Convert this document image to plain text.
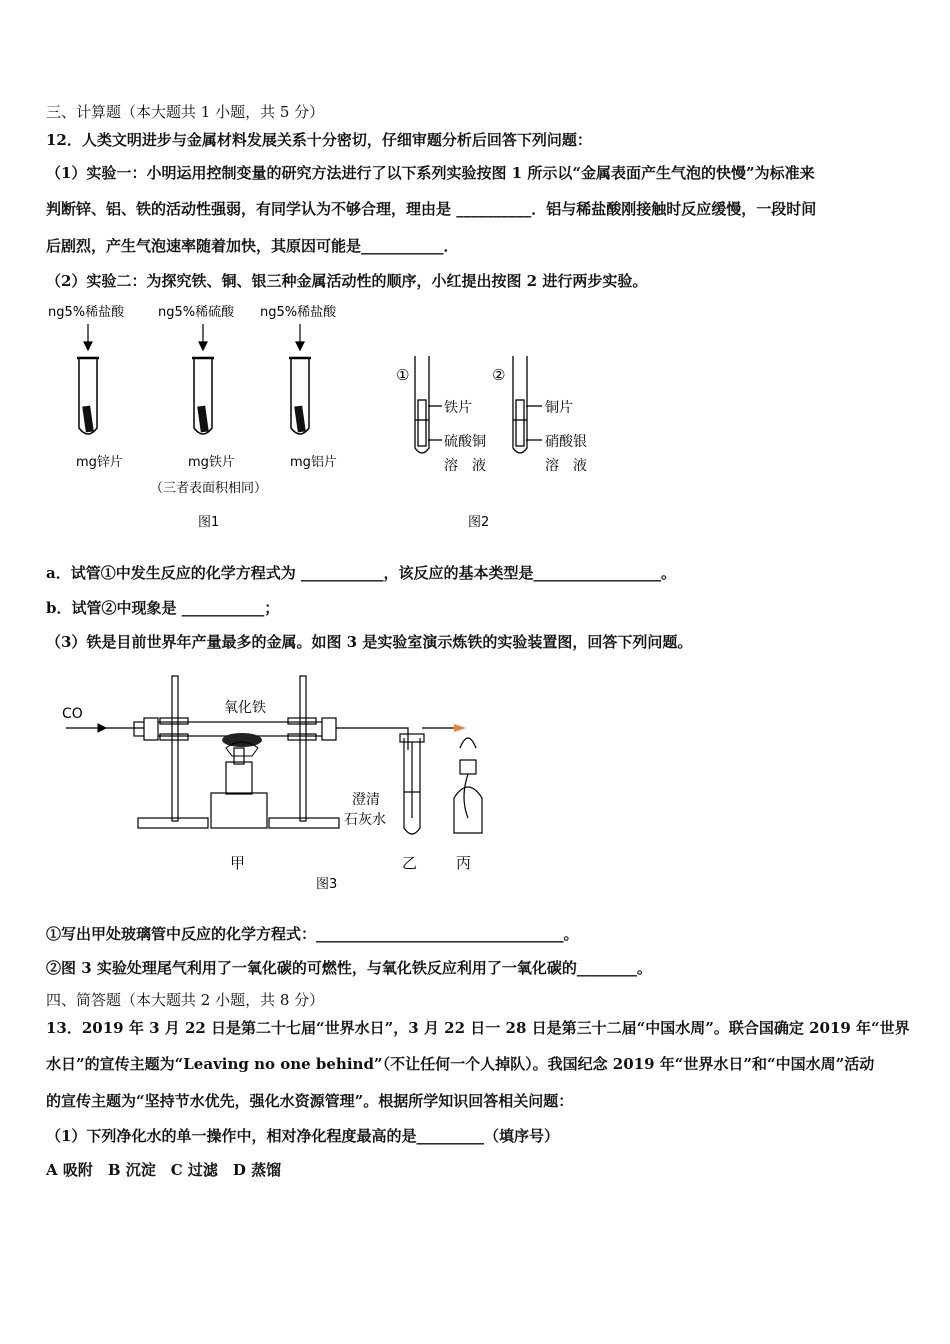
三、计算题（本大题共 1 小题，共 5 分）
12．人类文明进步与金属材料发展关系十分密切，仔细审题分析后回答下列问题：
（1）实验一：小明运用控制变量的研究方法进行了以下系列实验按图 1 所示以“金属表面产生气泡的快慢”为标准来
判断锌、铝、铁的活动性强弱，有同学认为不够合理，理由是 __________．铝与稀盐酸刚接触时反应缓慢，一段时间
后剧烈，产生气泡速率随着加快，其原因可能是___________．
（2）实验二：为探究铁、铜、银三种金属活动性的顺序，小红提出按图 2 进行两步实验。
ng5%稀盐酸	ng5%稀硫酸 ng5%稀盐酸
mg锌片	mg铁片	mg铝片
（三者表面积相同）
图1
①
铁片
硫酸铜
溶　液
②
铜片
硝酸银
溶　液
图2
a．试管①中发生反应的化学方程式为 ___________，该反应的基本类型是_________________。
b．试管②中现象是 ___________；
（3）铁是目前世界年产量最多的金属。如图 3 是实验室演示炼铁的实验装置图，回答下列问题。
CO	氧化铁
澄清
石灰水
甲	乙	丙
图3
①写出甲处玻璃管中反应的化学方程式：_________________________________。
②图 3 实验处理尾气利用了一氧化碳的可燃性，与氧化铁反应利用了一氧化碳的________。
四、简答题（本大题共 2 小题，共 8 分）
13．2019 年 3 月 22 日是第二十七届“世界水日”，3 月 22 日一 28 日是第三十二届“中国水周”。联合国确定 2019 年“世界
水日”的宣传主题为“Leaving no one behind”（不让任何一个人掉队）。我国纪念 2019 年“世界水日”和“中国水周”活动
的宣传主题为“坚持节水优先，强化水资源管理”。根据所学知识回答相关问题：
（1）下列净化水的单一操作中，相对净化程度最高的是_________（填序号）
A 吸附　B 沉淀　C 过滤　D 蒸馏
